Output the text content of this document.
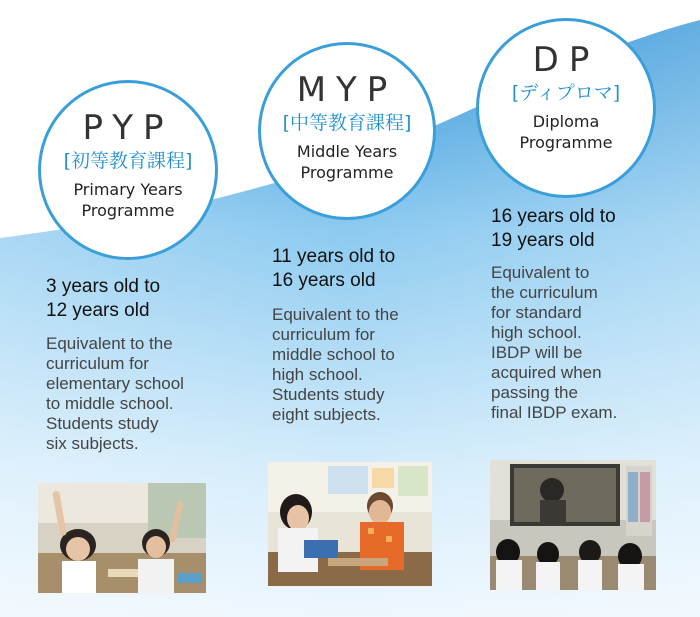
PYP
[初等教育課程]
Primary Years
Programme
MYP
[中等教育課程]
Middle Years
Programme
DP
[ディプロマ]
Diploma
Programme
3 years old to
12 years old
11 years old to
16 years old
16 years old to
19 years old
Equivalent to the
curriculum for
elementary school
to middle school.
Students study
six subjects.
Equivalent to the
curriculum for
middle school to
high school.
Students study
eight subjects.
Equivalent to
the curriculum
for standard
high school.
IBDP will be
acquired when
passing the
final IBDP exam.
